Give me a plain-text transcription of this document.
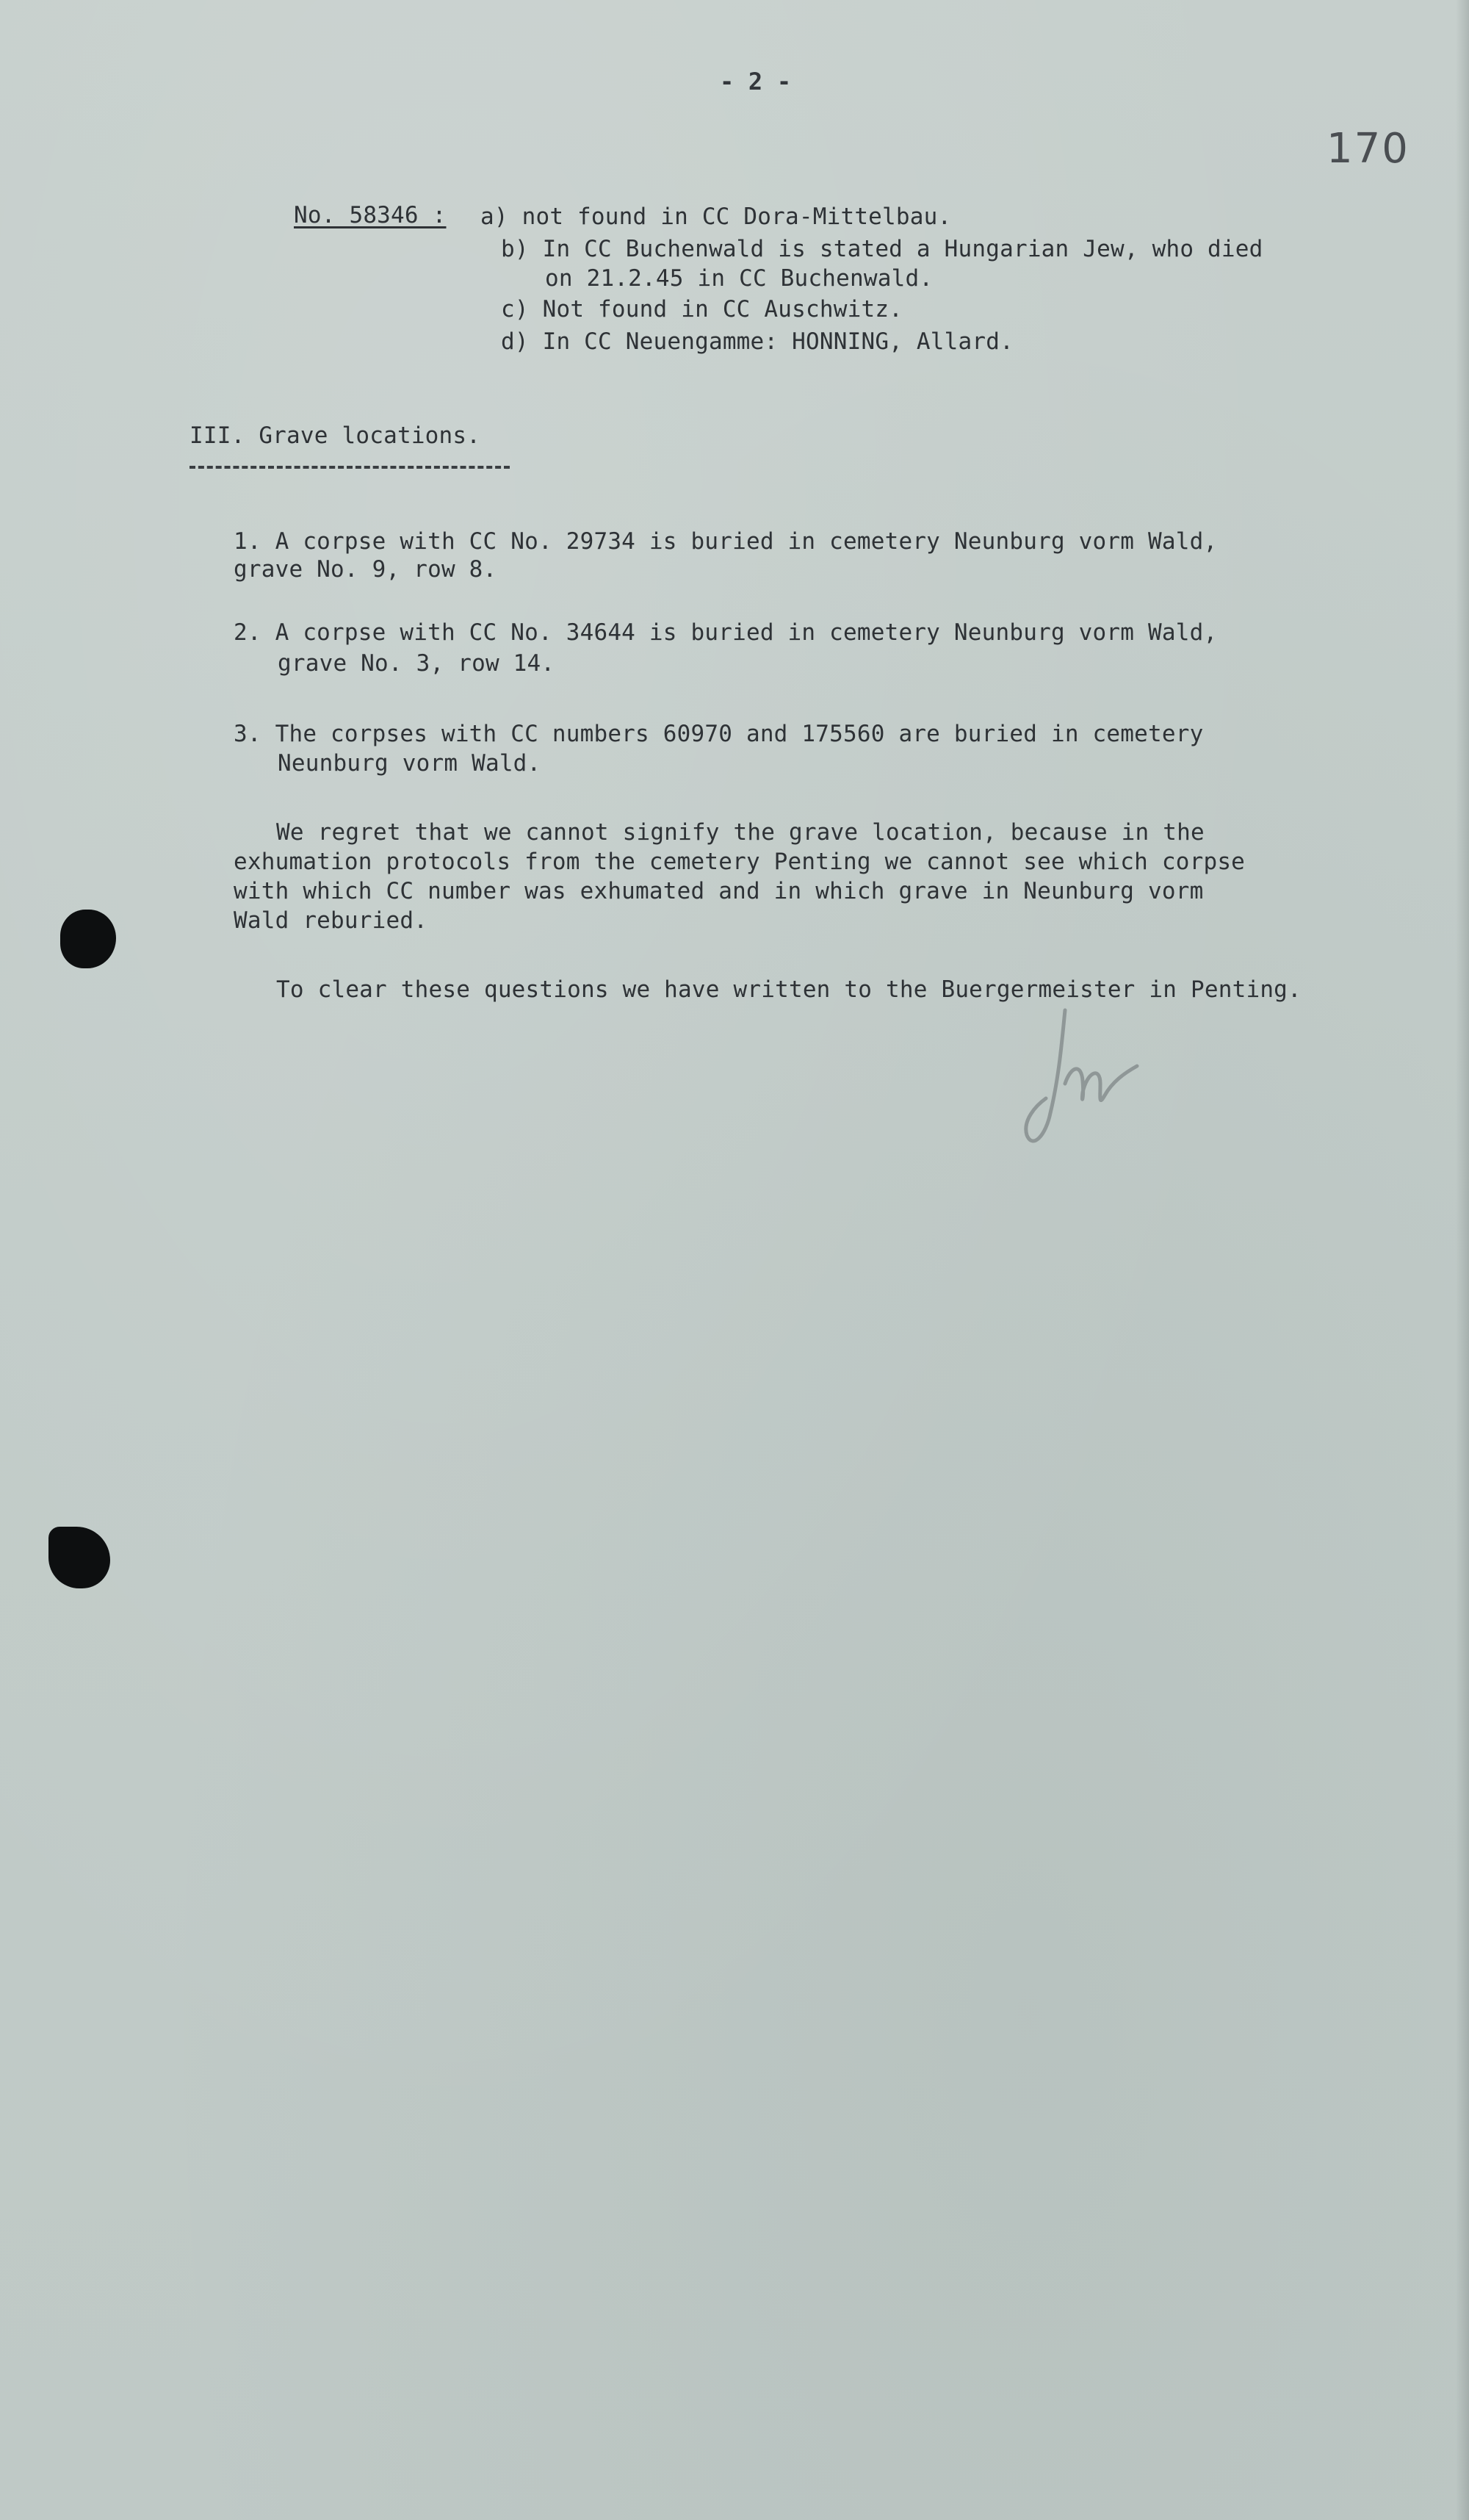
- 2 -
170
No. 58346 : a) not found in CC Dora-Mittelbau.
b) In CC Buchenwald is stated a Hungarian Jew, who died
on 21.2.45 in CC Buchenwald.
c) Not found in CC Auschwitz.
d) In CC Neuengamme: HONNING, Allard.
III. Grave locations.
1. A corpse with CC No. 29734 is buried in cemetery Neunburg vorm Wald,
grave No. 9, row 8.
2. A corpse with CC No. 34644 is buried in cemetery Neunburg vorm Wald,
grave No. 3, row 14.
3. The corpses with CC numbers 60970 and 175560 are buried in cemetery
Neunburg vorm Wald.
We regret that we cannot signify the grave location, because in the
exhumation protocols from the cemetery Penting we cannot see which corpse
with which CC number was exhumated and in which grave in Neunburg vorm
Wald reburied.
To clear these questions we have written to the Buergermeister in Penting.
